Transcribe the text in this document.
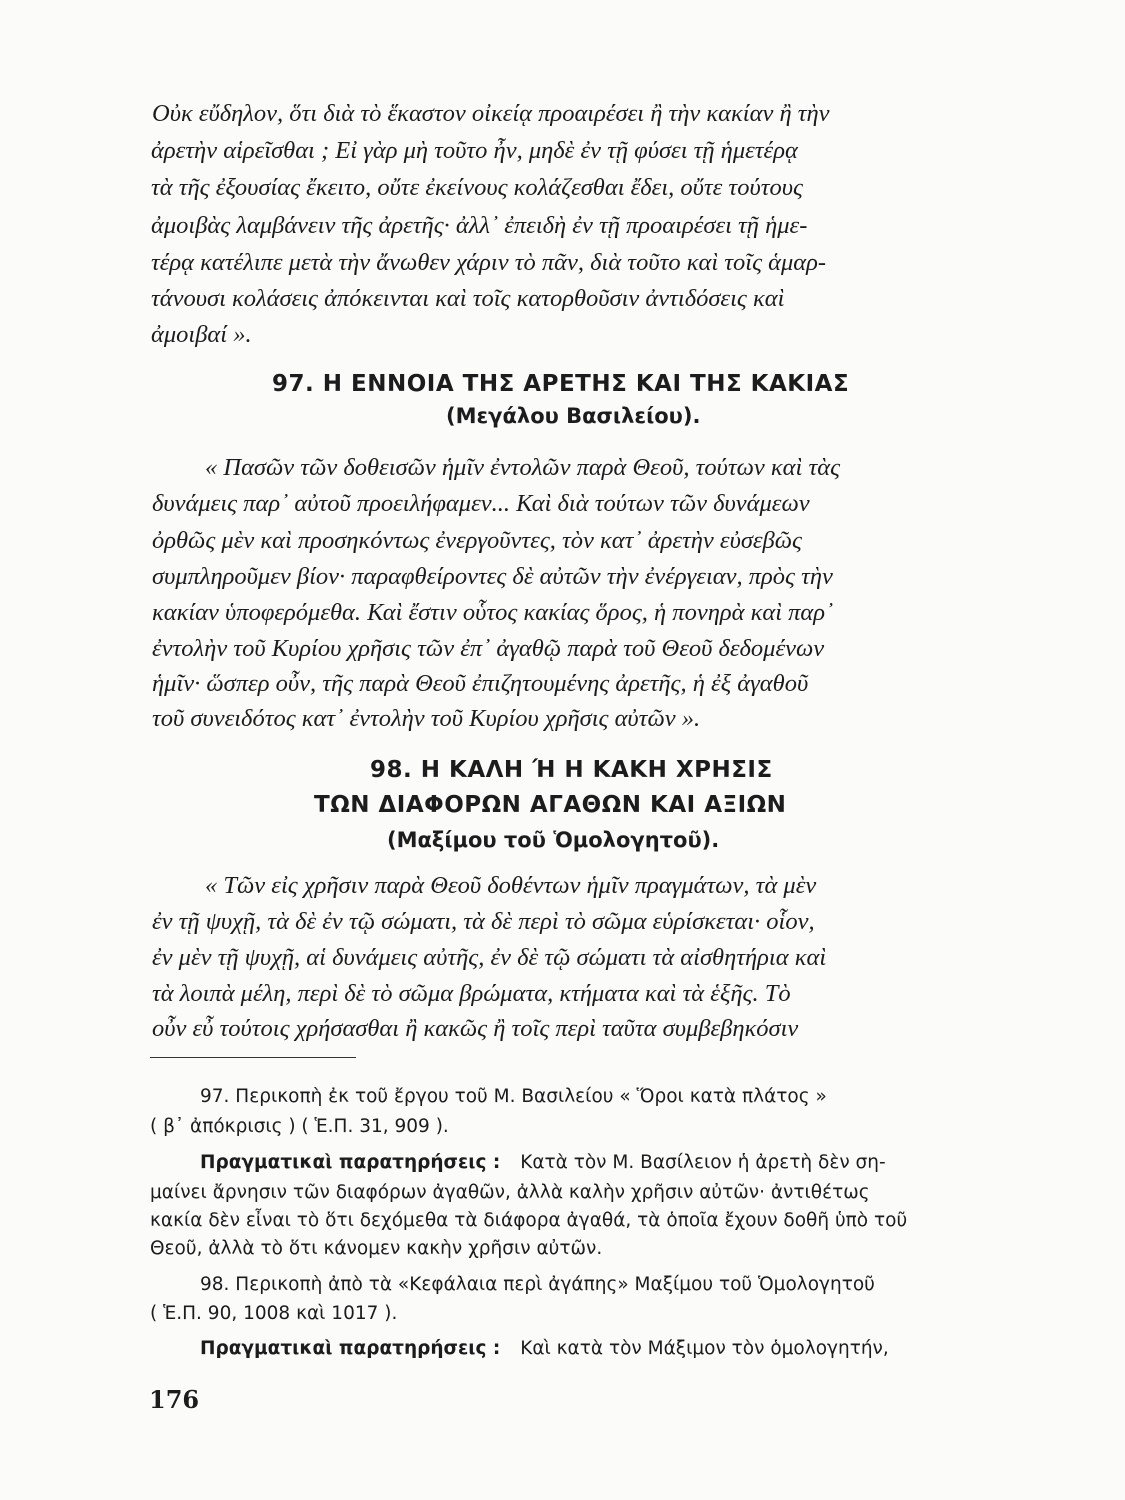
Οὐκ εὔδηλον, ὅτι διὰ τὸ ἕκαστον οἰκείᾳ προαιρέσει ἢ τὴν κακίαν ἢ τὴν
ἀρετὴν αἱρεῖσθαι ; Εἰ γὰρ μὴ τοῦτο ἦν, μηδὲ ἐν τῇ φύσει τῇ ἡμετέρᾳ
τὰ τῆς ἐξουσίας ἔκειτο, οὔτε ἐκείνους κολάζεσθαι ἔδει, οὔτε τούτους
ἀμοιβὰς λαμβάνειν τῆς ἀρετῆς· ἀλλ᾽ ἐπειδὴ ἐν τῇ προαιρέσει τῇ ἡμε-
τέρᾳ κατέλιπε μετὰ τὴν ἄνωθεν χάριν τὸ πᾶν, διὰ τοῦτο καὶ τοῖς ἁμαρ-
τάνουσι κολάσεις ἀπόκεινται καὶ τοῖς κατορθοῦσιν ἀντιδόσεις καὶ
ἀμοιβαί ».
97. Η ΕΝΝΟΙΑ ΤΗΣ ΑΡΕΤΗΣ ΚΑΙ ΤΗΣ ΚΑΚΙΑΣ
(Μεγάλου Βασιλείου).
« Πασῶν τῶν δοθεισῶν ἡμῖν ἐντολῶν παρὰ Θεοῦ, τούτων καὶ τὰς
δυνάμεις παρ᾽ αὐτοῦ προειλήφαμεν... Καὶ διὰ τούτων τῶν δυνάμεων
ὀρθῶς μὲν καὶ προσηκόντως ἐνεργοῦντες, τὸν κατ᾽ ἀρετὴν εὐσεβῶς
συμπληροῦμεν βίον· παραφθείροντες δὲ αὐτῶν τὴν ἐνέργειαν, πρὸς τὴν
κακίαν ὑποφερόμεθα. Καὶ ἔστιν οὗτος κακίας ὅρος, ἡ πονηρὰ καὶ παρ᾽
ἐντολὴν τοῦ Κυρίου χρῆσις τῶν ἐπ᾽ ἀγαθῷ παρὰ τοῦ Θεοῦ δεδομένων
ἡμῖν· ὥσπερ οὖν, τῆς παρὰ Θεοῦ ἐπιζητουμένης ἀρετῆς, ἡ ἐξ ἀγαθοῦ
τοῦ συνειδότος κατ᾽ ἐντολὴν τοῦ Κυρίου χρῆσις αὐτῶν ».
98. Η ΚΑΛΗ Ή Η ΚΑΚΗ ΧΡΗΣΙΣ
ΤΩΝ ΔΙΑΦΟΡΩΝ ΑΓΑΘΩΝ ΚΑΙ ΑΞΙΩΝ
(Μαξίμου τοῦ Ὁμολογητοῦ).
« Τῶν εἰς χρῆσιν παρὰ Θεοῦ δοθέντων ἡμῖν πραγμάτων, τὰ μὲν
ἐν τῇ ψυχῇ, τὰ δὲ ἐν τῷ σώματι, τὰ δὲ περὶ τὸ σῶμα εὑρίσκεται· οἷον,
ἐν μὲν τῇ ψυχῇ, αἱ δυνάμεις αὐτῆς, ἐν δὲ τῷ σώματι τὰ αἰσθητήρια καὶ
τὰ λοιπὰ μέλη, περὶ δὲ τὸ σῶμα βρώματα, κτήματα καὶ τὰ ἑξῆς. Τὸ
οὖν εὖ τούτοις χρήσασθαι ἢ κακῶς ἢ τοῖς περὶ ταῦτα συμβεβηκόσιν
97. Περικοπὴ ἐκ τοῦ ἔργου τοῦ Μ. Βασιλείου « Ὅροι κατὰ πλάτος »
( β᾽ ἀπόκρισις ) ( Ἑ.Π. 31, 909 ).
Πραγματικαὶ παρατηρήσεις : Κατὰ τὸν Μ. Βασίλειον ἡ ἀρετὴ δὲν ση-
μαίνει ἄρνησιν τῶν διαφόρων ἀγαθῶν, ἀλλὰ καλὴν χρῆσιν αὐτῶν· ἀντιθέτως
κακία δὲν εἶναι τὸ ὅτι δεχόμεθα τὰ διάφορα ἀγαθά, τὰ ὁποῖα ἔχουν δοθῆ ὑπὸ τοῦ
Θεοῦ, ἀλλὰ τὸ ὅτι κάνομεν κακὴν χρῆσιν αὐτῶν.
98. Περικοπὴ ἀπὸ τὰ «Κεφάλαια περὶ ἀγάπης» Μαξίμου τοῦ Ὁμολογητοῦ
( Ἑ.Π. 90, 1008 καὶ 1017 ).
Πραγματικαὶ παρατηρήσεις : Καὶ κατὰ τὸν Μάξιμον τὸν ὁμολογητήν,
176
